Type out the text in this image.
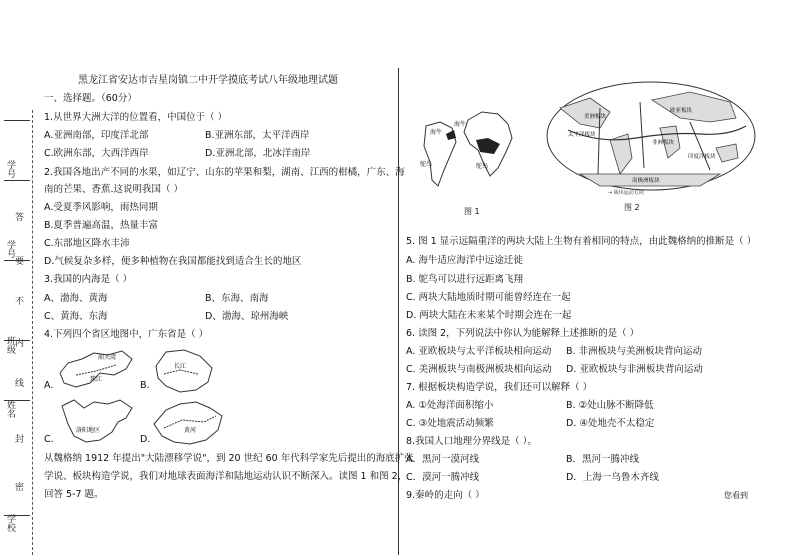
学号
答
学号
要
不
内
班级
线
姓名
封
密
学校
黑龙江省安达市吉星岗镇二中开学摸底考试八年级地理试题
一、选择题。（60分）
1.从世界大洲大洋的位置看，中国位于（ ）
A.亚洲南部，印度洋北部	B.亚洲东部，太平洋西岸
C.欧洲东部，大西洋西岸	D.亚洲北部，北冰洋南岸
2.我国各地出产不同的水果，如辽宁、山东的苹果和梨，湖南、江西的柑橘，广东、海
南的芒果、香蕉.这说明我国（ ）
A.受夏季风影响，雨热同期
B.夏季普遍高温，热量丰富
C.东部地区降水丰沛
D.气候复杂多样，便多种植物在我国都能找到适合生长的地区
3.我国的内海是（ ）
A、渤海、黄海	B、东海、南海
C、黄海、东海	D、渤海、琼州海峡
4.下列四个省区地图中，广东省是（ ）
A.
韶关湾
珠江
B.
长江
C.
洛阳地区
D.
黄河
从魏格纳 1912 年提出"大陆漂移学说"，到 20 世纪 60 年代科学家先后提出的海底扩张
学说、板块构造学说，我们对地球表面海洋和陆地运动认识不断深入。读图 1 和图 2，
回答 5-7 题。
海牛
海牛
鸵鸟	鸵鸟
图 1
欧亚板块
太平洋板块
美洲板块
非洲板块
印度洋板块
南极洲板块
→ 板块运动方向
图 2
5. 图 1 显示远隔重洋的两块大陆上生物有着相同的特点，由此魏格纳的推断是（ ）
A. 海牛适应海洋中远途迁徙
B. 鸵鸟可以进行远距离飞翔
C. 两块大陆地质时期可能曾经连在一起
D. 两块大陆在未来某个时期会连在一起
6. 读图 2，下列说法中你认为能解释上述推断的是（ ）
A. 亚欧板块与太平洋板块相向运动 B. 非洲板块与美洲板块背向运动
C. 美洲板块与南极洲板块相向运动 D. 亚欧板块与非洲板块背向运动
7. 根据板块构造学说，我们还可以解释（ ）
A. ①处海洋面积缩小	B. ②处山脉不断降低
C. ③处地震活动频繁	D. ④处地壳不太稳定
8.我国人口地理分界线是（ ）。
A．黑河一漠河线	B．黑河一腾冲线
C．漠河一腾冲线	D．上海一乌鲁木齐线
9.秦岭的走向（ ）	您看到
